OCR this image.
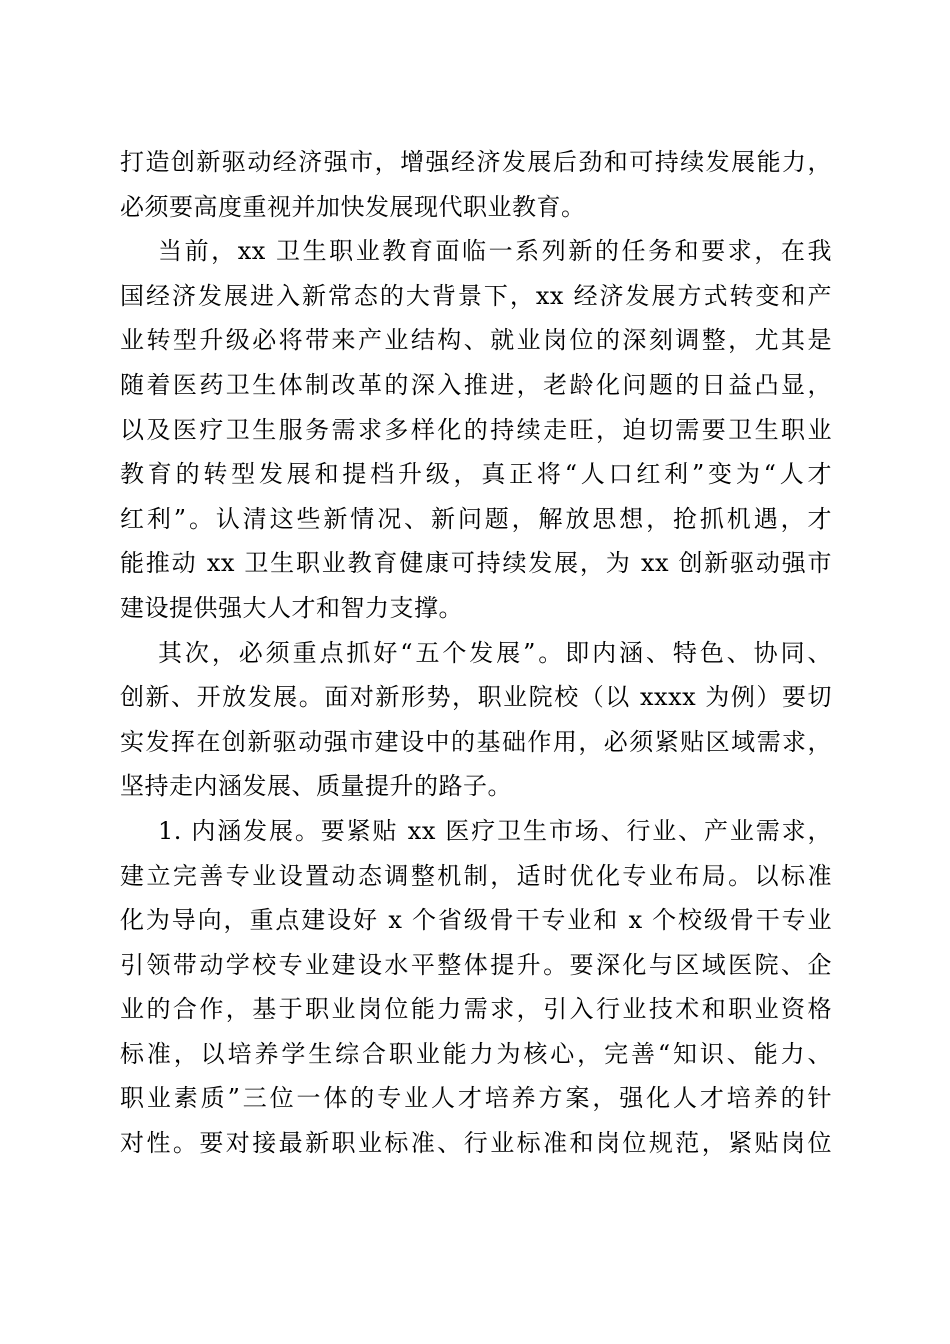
打造创新驱动经济强市，增强经济发展后劲和可持续发展能力，
必须要高度重视并加快发展现代职业教育。
当前，xx 卫生职业教育面临一系列新的任务和要求，在我
国经济发展进入新常态的大背景下，xx 经济发展方式转变和产
业转型升级必将带来产业结构、就业岗位的深刻调整，尤其是
随着医药卫生体制改革的深入推进，老龄化问题的日益凸显，
以及医疗卫生服务需求多样化的持续走旺，迫切需要卫生职业
教育的转型发展和提档升级，真正将“人口红利”变为“人才
红利”。认清这些新情况、新问题，解放思想，抢抓机遇，才
能推动 xx 卫生职业教育健康可持续发展，为 xx 创新驱动强市
建设提供强大人才和智力支撑。
其次，必须重点抓好“五个发展”。即内涵、特色、协同、
创新、开放发展。面对新形势，职业院校（以 xxxx 为例）要切
实发挥在创新驱动强市建设中的基础作用，必须紧贴区域需求，
坚持走内涵发展、质量提升的路子。
1. 内涵发展。要紧贴 xx 医疗卫生市场、行业、产业需求，
建立完善专业设置动态调整机制，适时优化专业布局。以标准
化为导向，重点建设好 x 个省级骨干专业和 x 个校级骨干专业
引领带动学校专业建设水平整体提升。要深化与区域医院、企
业的合作，基于职业岗位能力需求，引入行业技术和职业资格
标准，以培养学生综合职业能力为核心，完善“知识、能力、
职业素质”三位一体的专业人才培养方案，强化人才培养的针
对性。要对接最新职业标准、行业标准和岗位规范，紧贴岗位
